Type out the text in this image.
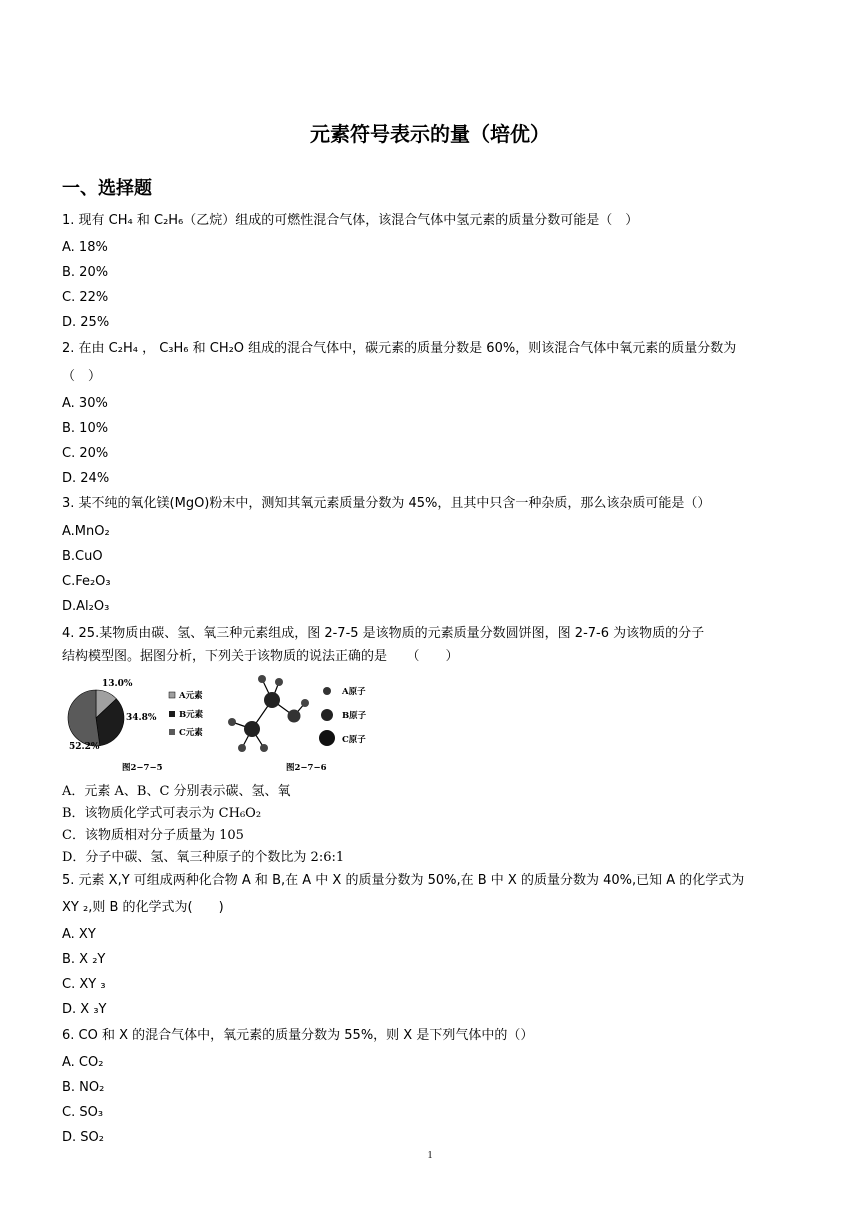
元素符号表示的量（培优）
一、选择题
1. 现有 CH₄ 和 C₂H₆（乙烷）组成的可燃性混合气体，该混合气体中氢元素的质量分数可能是（　）
A. 18%
B. 20%
C. 22%
D. 25%
2. 在由 C₂H₄ ， C₃H₆ 和 CH₂O 组成的混合气体中，碳元素的质量分数是 60%，则该混合气体中氧元素的质量分数为
（　）
A. 30%
B. 10%
C. 20%
D. 24%
3. 某不纯的氧化镁(MgO)粉末中，测知其氧元素质量分数为 45%，且其中只含一种杂质，那么该杂质可能是（）
A.MnO₂
B.CuO
C.Fe₂O₃
D.Al₂O₃
4. 25.某物质由碳、氢、氧三种元素组成，图 2-7-5 是该物质的元素质量分数圆饼图，图 2-7-6 为该物质的分子
结构模型图。据图分析，下列关于该物质的说法正确的是　　（　　）
13.0%
34.8%
52.2%
A元素
B元素
C元素
图2−7−5
A原子
B原子
C原子
图2−7−6
A．元素 A、B、C 分别表示碳、氢、氧
B．该物质化学式可表示为 CH₆O₂
C．该物质相对分子质量为 105
D．分子中碳、氢、氧三种原子的个数比为 2:6:1
5. 元素 X,Y 可组成两种化合物 A 和 B,在 A 中 X 的质量分数为 50%,在 B 中 X 的质量分数为 40%,已知 A 的化学式为
XY ₂,则 B 的化学式为(　　)
A. XY
B. X ₂Y
C. XY ₃
D. X ₃Y
6. CO 和 X 的混合气体中，氧元素的质量分数为 55%，则 X 是下列气体中的（）
A. CO₂
B. NO₂
C. SO₃
D. SO₂
1
